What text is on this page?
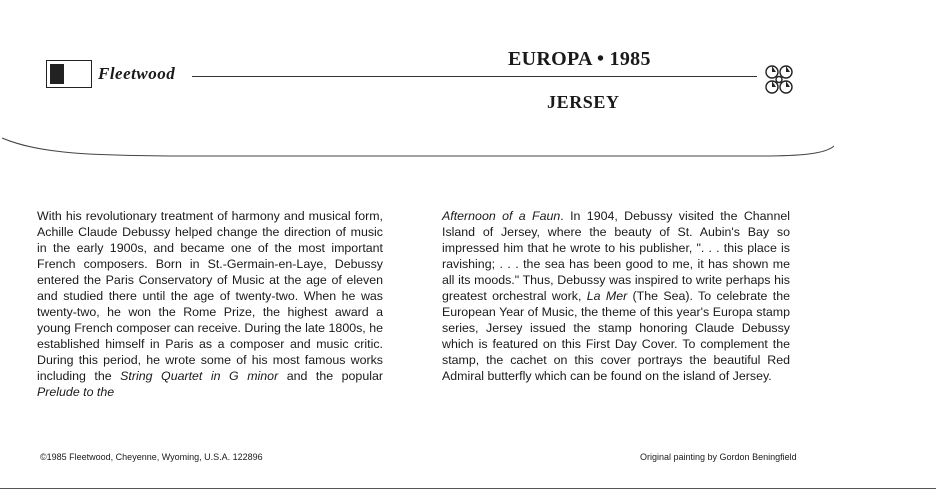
Fleetwood
EUROPA • 1985
JERSEY
With his revolutionary treatment of harmony and musical form, Achille Claude Debussy helped change the direction of music in the early 1900s, and became one of the most important French composers. Born in St.-Germain-en-Laye, Debussy entered the Paris Conservatory of Music at the age of eleven and studied there until the age of twenty-two. When he was twenty-two, he won the Rome Prize, the highest award a young French composer can receive. During the late 1800s, he established himself in Paris as a composer and music critic. During this period, he wrote some of his most famous works including the String Quartet in G minor and the popular Prelude to the
Afternoon of a Faun. In 1904, Debussy visited the Channel Island of Jersey, where the beauty of St. Aubin's Bay so impressed him that he wrote to his publisher, ". . . this place is ravishing; . . . the sea has been good to me, it has shown me all its moods." Thus, Debussy was inspired to write perhaps his greatest orchestral work, La Mer (The Sea). To celebrate the European Year of Music, the theme of this year's Europa stamp series, Jersey issued the stamp honoring Claude Debussy which is featured on this First Day Cover. To complement the stamp, the cachet on this cover portrays the beautiful Red Admiral butterfly which can be found on the island of Jersey.
©1985 Fleetwood, Cheyenne, Wyoming, U.S.A. 122896	Original painting by Gordon Beningfield
